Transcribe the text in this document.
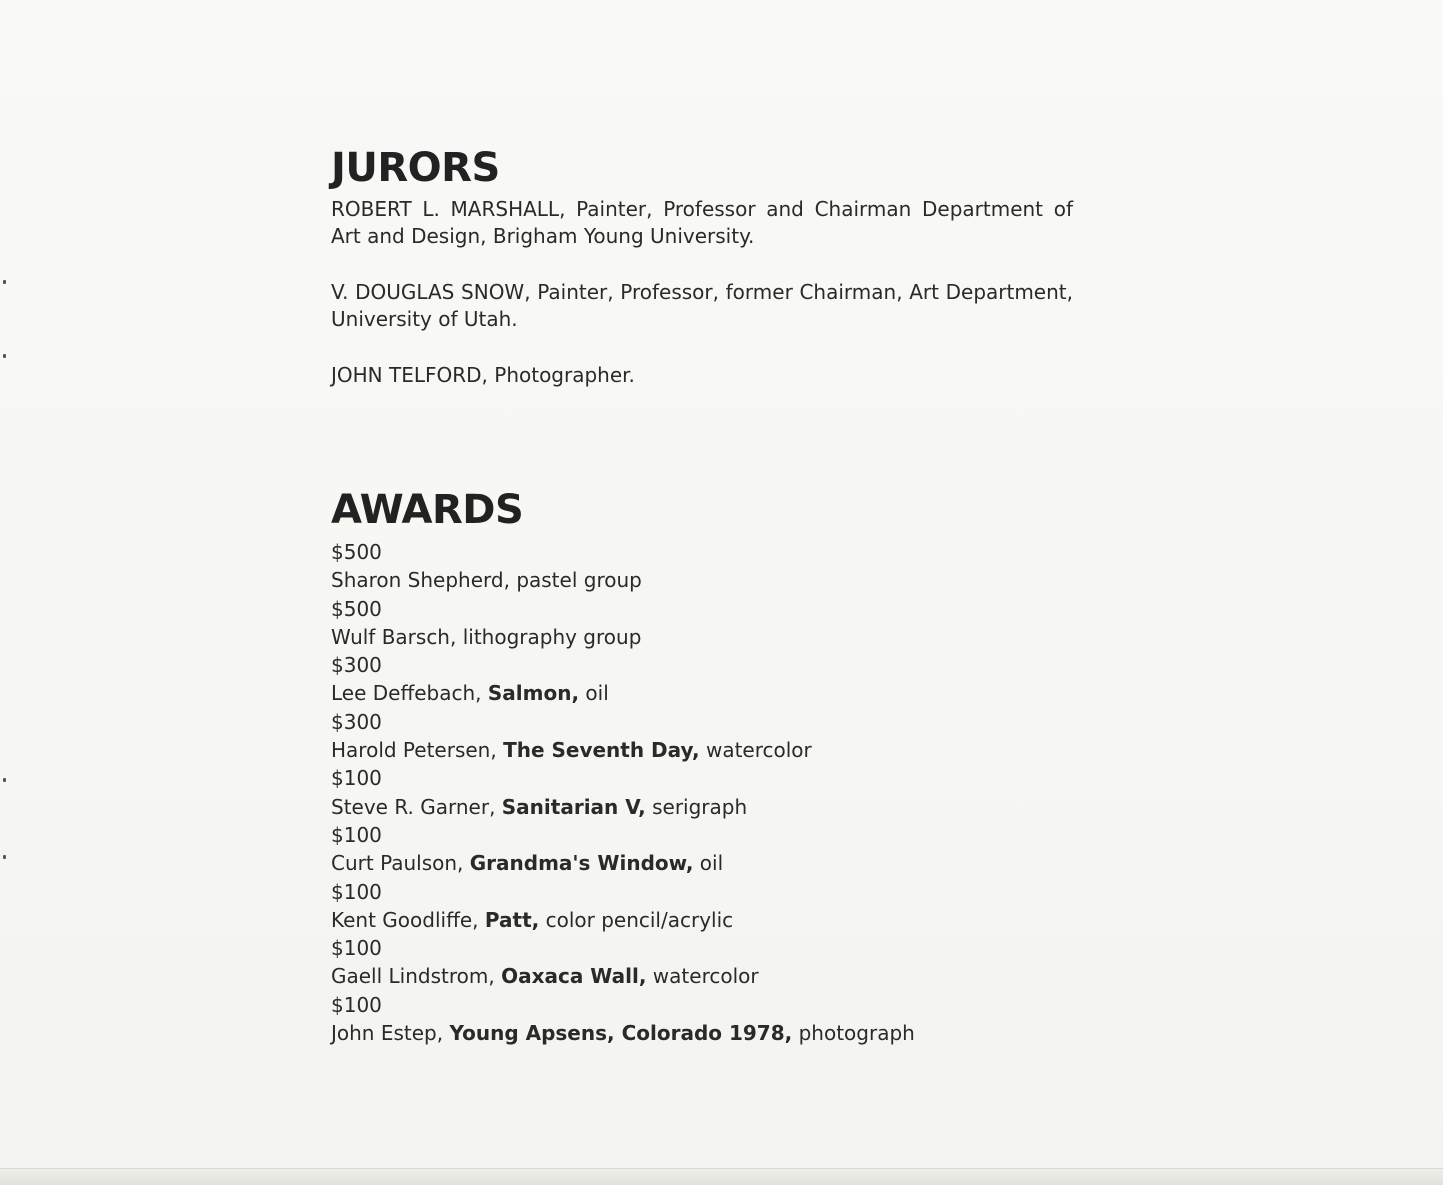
JURORS

ROBERT L. MARSHALL, Painter, Professor and Chairman Department of Art and Design, Brigham Young University.

V. DOUGLAS SNOW, Painter, Professor, former Chairman, Art Department, University of Utah.

JOHN TELFORD, Photographer.

AWARDS
$500
Sharon Shepherd, pastel group
$500
Wulf Barsch, lithography group
$300
Lee Deffebach, Salmon, oil
$300
Harold Petersen, The Seventh Day, watercolor
$100
Steve R. Garner, Sanitarian V, serigraph
$100
Curt Paulson, Grandma's Window, oil
$100
Kent Goodliffe, Patt, color pencil/acrylic
$100
Gaell Lindstrom, Oaxaca Wall, watercolor
$100
John Estep, Young Apsens, Colorado 1978, photograph
